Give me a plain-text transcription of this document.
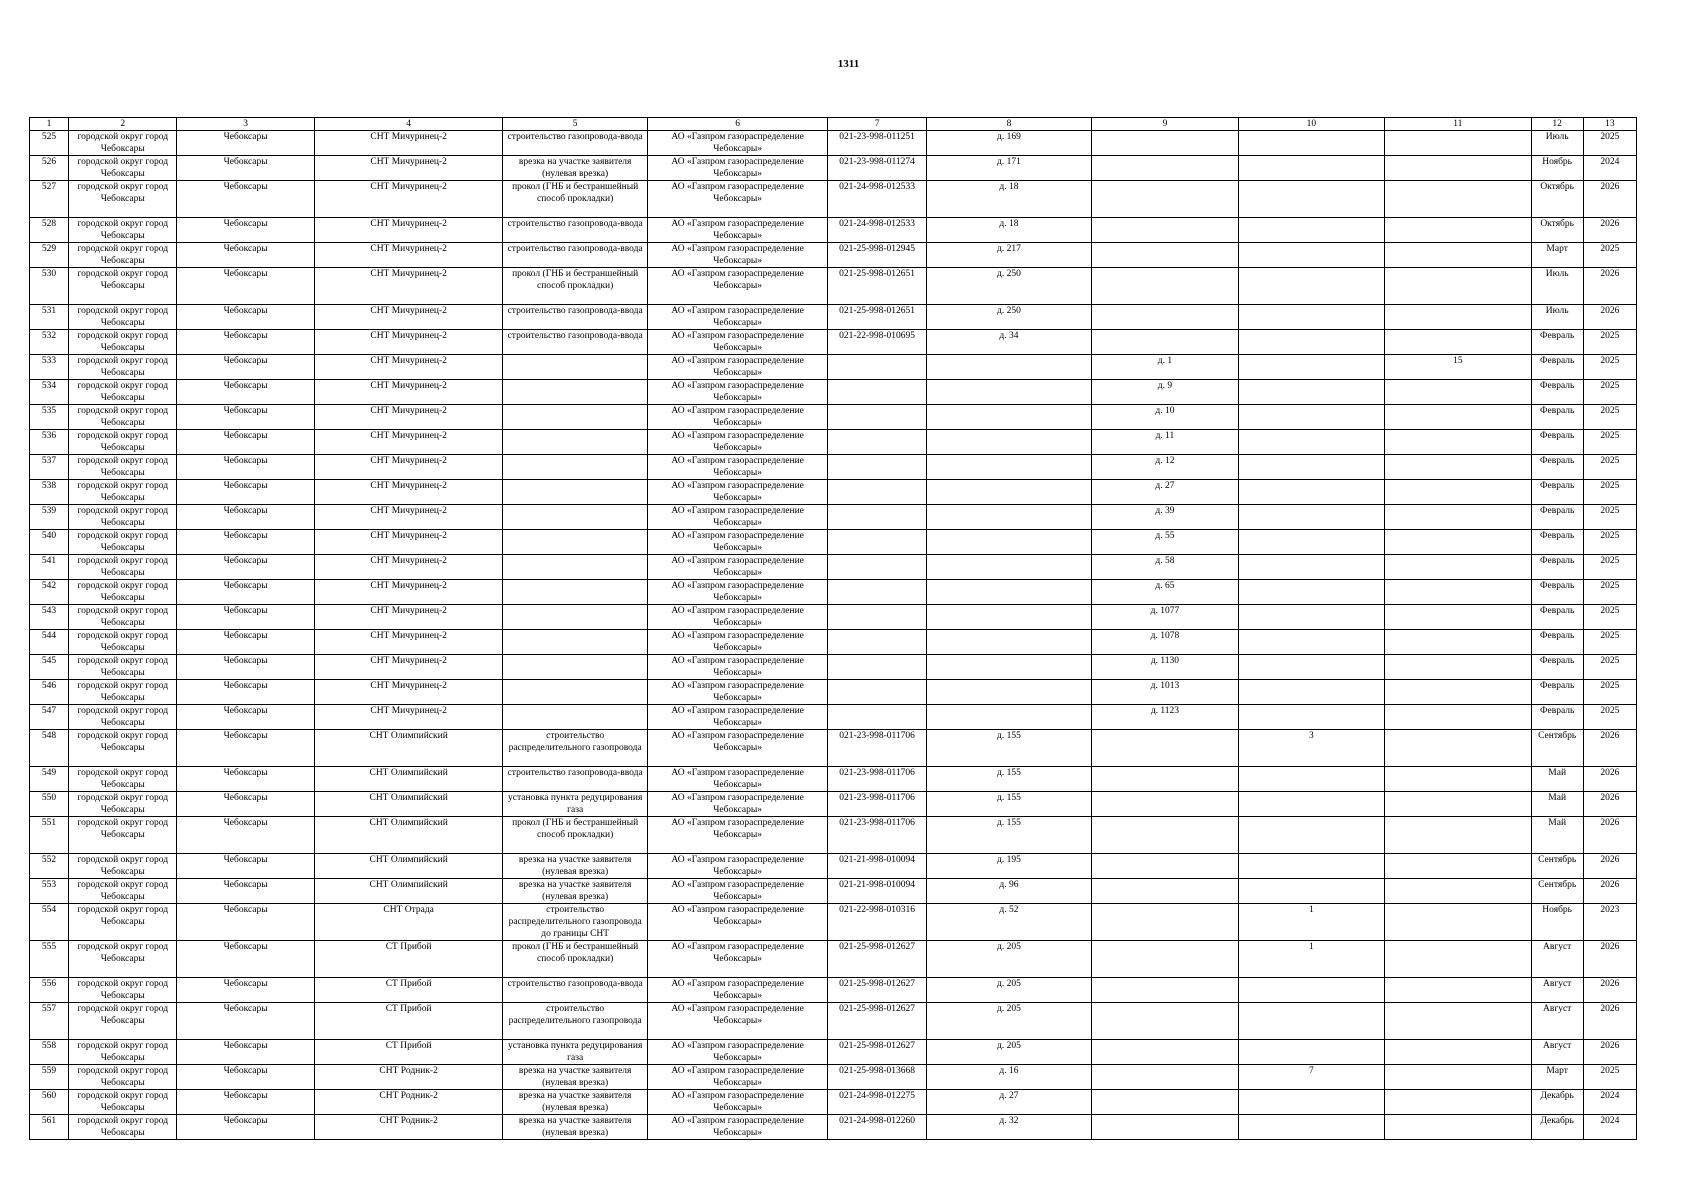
1311
1	2	3	4	5	6	7	8	9	10	11	12	13
525	городской округ город Чебоксары	Чебоксары	СНТ Мичуринец-2	строительство газопровода-ввода	АО «Газпром газораспределение Чебоксары»	021-23-998-011251	д. 169				Июль	2025
526	городской округ город Чебоксары	Чебоксары	СНТ Мичуринец-2	врезка на участке заявителя (нулевая врезка)	АО «Газпром газораспределение Чебоксары»	021-23-998-011274	д. 171				Ноябрь	2024
527	городской округ город Чебоксары	Чебоксары	СНТ Мичуринец-2	прокол (ГНБ и бестраншейный способ прокладки)	АО «Газпром газораспределение Чебоксары»	021-24-998-012533	д. 18				Октябрь	2026
528	городской округ город Чебоксары	Чебоксары	СНТ Мичуринец-2	строительство газопровода-ввода	АО «Газпром газораспределение Чебоксары»	021-24-998-012533	д. 18				Октябрь	2026
529	городской округ город Чебоксары	Чебоксары	СНТ Мичуринец-2	строительство газопровода-ввода	АО «Газпром газораспределение Чебоксары»	021-25-998-012945	д. 217				Март	2025
530	городской округ город Чебоксары	Чебоксары	СНТ Мичуринец-2	прокол (ГНБ и бестраншейный способ прокладки)	АО «Газпром газораспределение Чебоксары»	021-25-998-012651	д. 250				Июль	2026
531	городской округ город Чебоксары	Чебоксары	СНТ Мичуринец-2	строительство газопровода-ввода	АО «Газпром газораспределение Чебоксары»	021-25-998-012651	д. 250				Июль	2026
532	городской округ город Чебоксары	Чебоксары	СНТ Мичуринец-2	строительство газопровода-ввода	АО «Газпром газораспределение Чебоксары»	021-22-998-010695	д. 34				Февраль	2025
533	городской округ город Чебоксары	Чебоксары	СНТ Мичуринец-2		АО «Газпром газораспределение Чебоксары»			д. 1		15	Февраль	2025
534	городской округ город Чебоксары	Чебоксары	СНТ Мичуринец-2		АО «Газпром газораспределение Чебоксары»			д. 9			Февраль	2025
535	городской округ город Чебоксары	Чебоксары	СНТ Мичуринец-2		АО «Газпром газораспределение Чебоксары»			д. 10			Февраль	2025
536	городской округ город Чебоксары	Чебоксары	СНТ Мичуринец-2		АО «Газпром газораспределение Чебоксары»			д. 11			Февраль	2025
537	городской округ город Чебоксары	Чебоксары	СНТ Мичуринец-2		АО «Газпром газораспределение Чебоксары»			д. 12			Февраль	2025
538	городской округ город Чебоксары	Чебоксары	СНТ Мичуринец-2		АО «Газпром газораспределение Чебоксары»			д. 27			Февраль	2025
539	городской округ город Чебоксары	Чебоксары	СНТ Мичуринец-2		АО «Газпром газораспределение Чебоксары»			д. 39			Февраль	2025
540	городской округ город Чебоксары	Чебоксары	СНТ Мичуринец-2		АО «Газпром газораспределение Чебоксары»			д. 55			Февраль	2025
541	городской округ город Чебоксары	Чебоксары	СНТ Мичуринец-2		АО «Газпром газораспределение Чебоксары»			д. 58			Февраль	2025
542	городской округ город Чебоксары	Чебоксары	СНТ Мичуринец-2		АО «Газпром газораспределение Чебоксары»			д. 65			Февраль	2025
543	городской округ город Чебоксары	Чебоксары	СНТ Мичуринец-2		АО «Газпром газораспределение Чебоксары»			д. 1077			Февраль	2025
544	городской округ город Чебоксары	Чебоксары	СНТ Мичуринец-2		АО «Газпром газораспределение Чебоксары»			д. 1078			Февраль	2025
545	городской округ город Чебоксары	Чебоксары	СНТ Мичуринец-2		АО «Газпром газораспределение Чебоксары»			д. 1130			Февраль	2025
546	городской округ город Чебоксары	Чебоксары	СНТ Мичуринец-2		АО «Газпром газораспределение Чебоксары»			д. 1013			Февраль	2025
547	городской округ город Чебоксары	Чебоксары	СНТ Мичуринец-2		АО «Газпром газораспределение Чебоксары»			д. 1123			Февраль	2025
548	городской округ город Чебоксары	Чебоксары	СНТ Олимпийский	строительство распределительного газопровода	АО «Газпром газораспределение Чебоксары»	021-23-998-011706	д. 155		3		Сентябрь	2026
549	городской округ город Чебоксары	Чебоксары	СНТ Олимпийский	строительство газопровода-ввода	АО «Газпром газораспределение Чебоксары»	021-23-998-011706	д. 155				Май	2026
550	городской округ город Чебоксары	Чебоксары	СНТ Олимпийский	установка пункта редуцирования газа	АО «Газпром газораспределение Чебоксары»	021-23-998-011706	д. 155				Май	2026
551	городской округ город Чебоксары	Чебоксары	СНТ Олимпийский	прокол (ГНБ и бестраншейный способ прокладки)	АО «Газпром газораспределение Чебоксары»	021-23-998-011706	д. 155				Май	2026
552	городской округ город Чебоксары	Чебоксары	СНТ Олимпийский	врезка на участке заявителя (нулевая врезка)	АО «Газпром газораспределение Чебоксары»	021-21-998-010094	д. 195				Сентябрь	2026
553	городской округ город Чебоксары	Чебоксары	СНТ Олимпийский	врезка на участке заявителя (нулевая врезка)	АО «Газпром газораспределение Чебоксары»	021-21-998-010094	д. 96				Сентябрь	2026
554	городской округ город Чебоксары	Чебоксары	СНТ Отрада	строительство распределительного газопровода до границы СНТ	АО «Газпром газораспределение Чебоксары»	021-22-998-010316	д. 52		1		Ноябрь	2023
555	городской округ город Чебоксары	Чебоксары	СТ Прибой	прокол (ГНБ и бестраншейный способ прокладки)	АО «Газпром газораспределение Чебоксары»	021-25-998-012627	д. 205		1		Август	2026
556	городской округ город Чебоксары	Чебоксары	СТ Прибой	строительство газопровода-ввода	АО «Газпром газораспределение Чебоксары»	021-25-998-012627	д. 205				Август	2026
557	городской округ город Чебоксары	Чебоксары	СТ Прибой	строительство распределительного газопровода	АО «Газпром газораспределение Чебоксары»	021-25-998-012627	д. 205				Август	2026
558	городской округ город Чебоксары	Чебоксары	СТ Прибой	установка пункта редуцирования газа	АО «Газпром газораспределение Чебоксары»	021-25-998-012627	д. 205				Август	2026
559	городской округ город Чебоксары	Чебоксары	СНТ Родник-2	врезка на участке заявителя (нулевая врезка)	АО «Газпром газораспределение Чебоксары»	021-25-998-013668	д. 16		7		Март	2025
560	городской округ город Чебоксары	Чебоксары	СНТ Родник-2	врезка на участке заявителя (нулевая врезка)	АО «Газпром газораспределение Чебоксары»	021-24-998-012275	д. 27				Декабрь	2024
561	городской округ город Чебоксары	Чебоксары	СНТ Родник-2	врезка на участке заявителя (нулевая врезка)	АО «Газпром газораспределение Чебоксары»	021-24-998-012260	д. 32				Декабрь	2024
